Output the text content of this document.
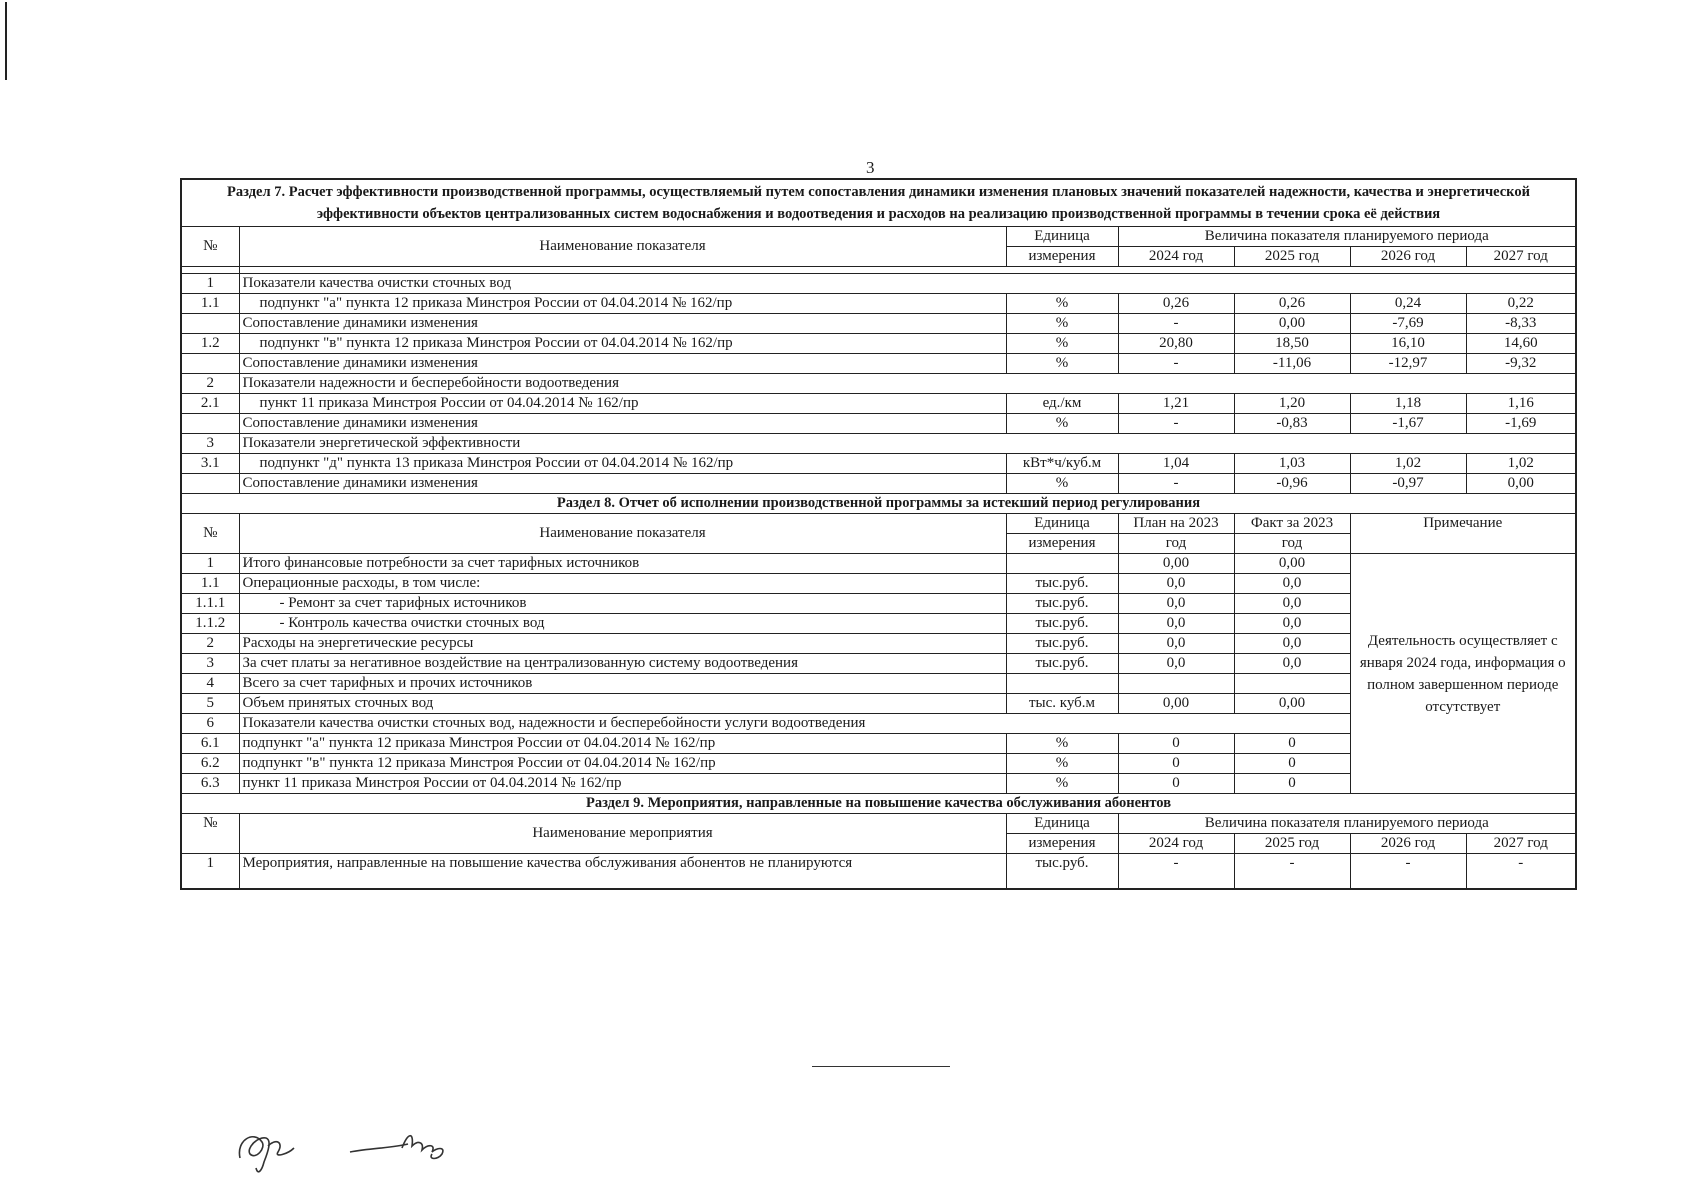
3
Раздел 7. Расчет эффективности производственной программы, осуществляемый путем сопоставления динамики изменения плановых значений показателей надежности, качества и энергетической эффективности объектов централизованных систем водоснабжения и водоотведения и расходов на реализацию производственной программы в течении срока её действия						
№	Наименование показателя	Единица	Величина показателя планируемого периода			
		измерения	2024 год	2025 год	2026 год	2027 год

1	Показатели качества очистки сточных вод					
1.1	подпункт "а" пункта 12 приказа Минстроя России от 04.04.2014 № 162/пр	%	0,26	0,26	0,24	0,22
	Сопоставление динамики изменения	%	-	0,00	-7,69	-8,33
1.2	подпункт "в" пункта 12 приказа Минстроя России от 04.04.2014 № 162/пр	%	20,80	18,50	16,10	14,60
	Сопоставление динамики изменения	%	-	-11,06	-12,97	-9,32
2	Показатели надежности и бесперебойности водоотведения					
2.1	пункт 11 приказа Минстроя России от 04.04.2014 № 162/пр	ед./км	1,21	1,20	1,18	1,16
	Сопоставление динамики изменения	%	-	-0,83	-1,67	-1,69
3	Показатели энергетической эффективности					
3.1	подпункт "д" пункта 13 приказа Минстроя России от 04.04.2014 № 162/пр	кВт*ч/куб.м	1,04	1,03	1,02	1,02
	Сопоставление динамики изменения	%	-	-0,96	-0,97	0,00
Раздел 8. Отчет об исполнении производственной программы за истекший период регулирования						
№	Наименование показателя	Единица	План на 2023	Факт за 2023	Примечание	
		измерения	год	год		
1	Итого финансовые потребности за счет тарифных источников		0,00	0,00	Деятельность осуществляет с января 2024 года, информация о полном завершенном периоде отсутствует	
1.1	Операционные расходы, в том числе:	тыс.руб.	0,0	0,0		
1.1.1	- Ремонт за счет тарифных источников	тыс.руб.	0,0	0,0		
1.1.2	- Контроль качества очистки сточных вод	тыс.руб.	0,0	0,0		
2	Расходы на энергетические ресурсы	тыс.руб.	0,0	0,0		
3	За счет платы за негативное воздействие на централизованную систему водоотведения	тыс.руб.	0,0	0,0		
4	Всего за счет тарифных и прочих источников					
5	Объем принятых сточных вод	тыс. куб.м	0,00	0,00		
6	Показатели качества очистки сточных вод, надежности и бесперебойности услуги водоотведения					
6.1	подпункт "а" пункта 12 приказа Минстроя России от 04.04.2014 № 162/пр	%	0	0		
6.2	подпункт "в" пункта 12 приказа Минстроя России от 04.04.2014 № 162/пр	%	0	0		
6.3	пункт 11 приказа Минстроя России от 04.04.2014 № 162/пр	%	0	0		
Раздел 9. Мероприятия, направленные на повышение качества обслуживания абонентов						
№	Наименование мероприятия	Единица	Величина показателя планируемого периода			
		измерения	2024 год	2025 год	2026 год	2027 год
1	Мероприятия, направленные на повышение качества обслуживания абонентов не планируются	тыс.руб.	-	-	-	-
